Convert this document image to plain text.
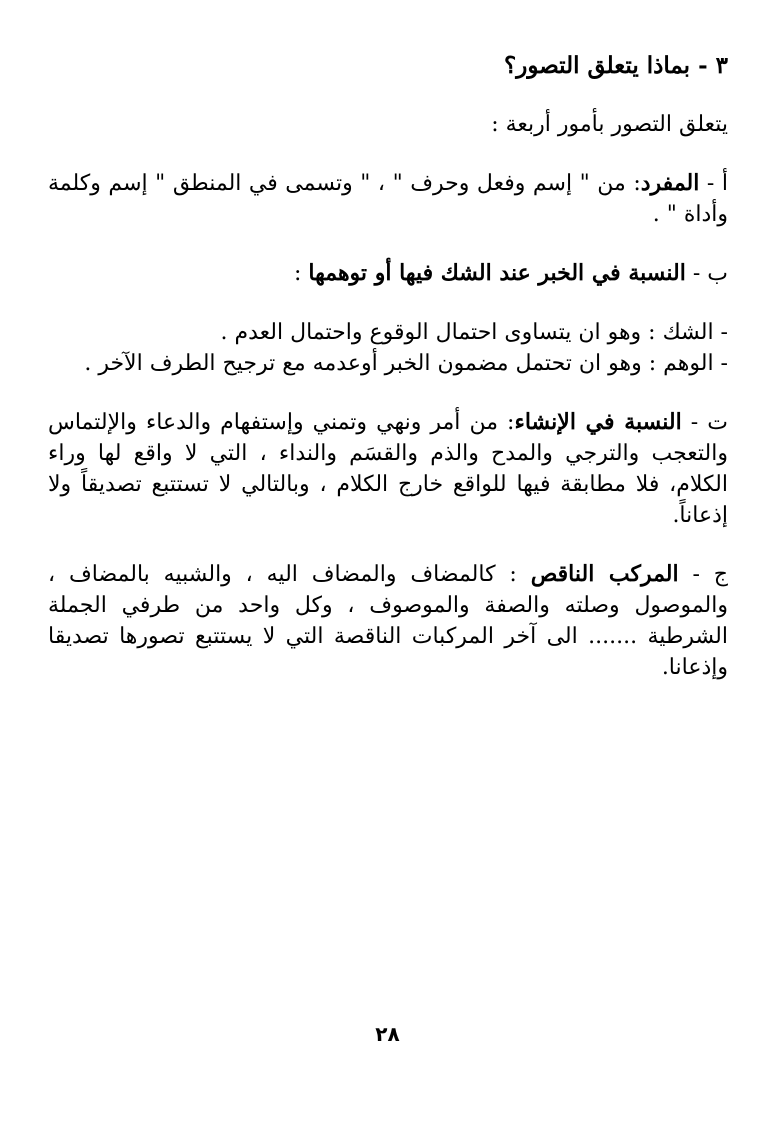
٣ - بماذا يتعلق التصور؟
يتعلق التصور بأمور أربعة :
أ - المفرد: من " إسم وفعل وحرف " ، " وتسمى في المنطق " إسم وكلمة وأداة " .
ب - النسبة في الخبر عند الشك فيها أو توهمها :
- الشك : وهو ان يتساوى احتمال الوقوع واحتمال العدم .
- الوهم : وهو ان تحتمل مضمون الخبر أوعدمه مع ترجيح الطرف الآخر .
ت - النسبة في الإنشاء: من أمر ونهي وتمني وإستفهام والدعاء والإلتماس والتعجب والترجي والمدح والذم والقسَم والنداء ، التي لا واقع لها وراء الكلام، فلا مطابقة فيها للواقع خارج الكلام ، وبالتالي لا تستتبع تصديقاً ولا إذعاناً.
ج - المركب الناقص : كالمضاف والمضاف اليه ، والشبيه بالمضاف ، والموصول وصلته والصفة والموصوف ، وكل واحد من طرفي الجملة الشرطية ....... الى آخر المركبات الناقصة التي لا يستتبع تصورها تصديقا وإذعانا.
٢٨
